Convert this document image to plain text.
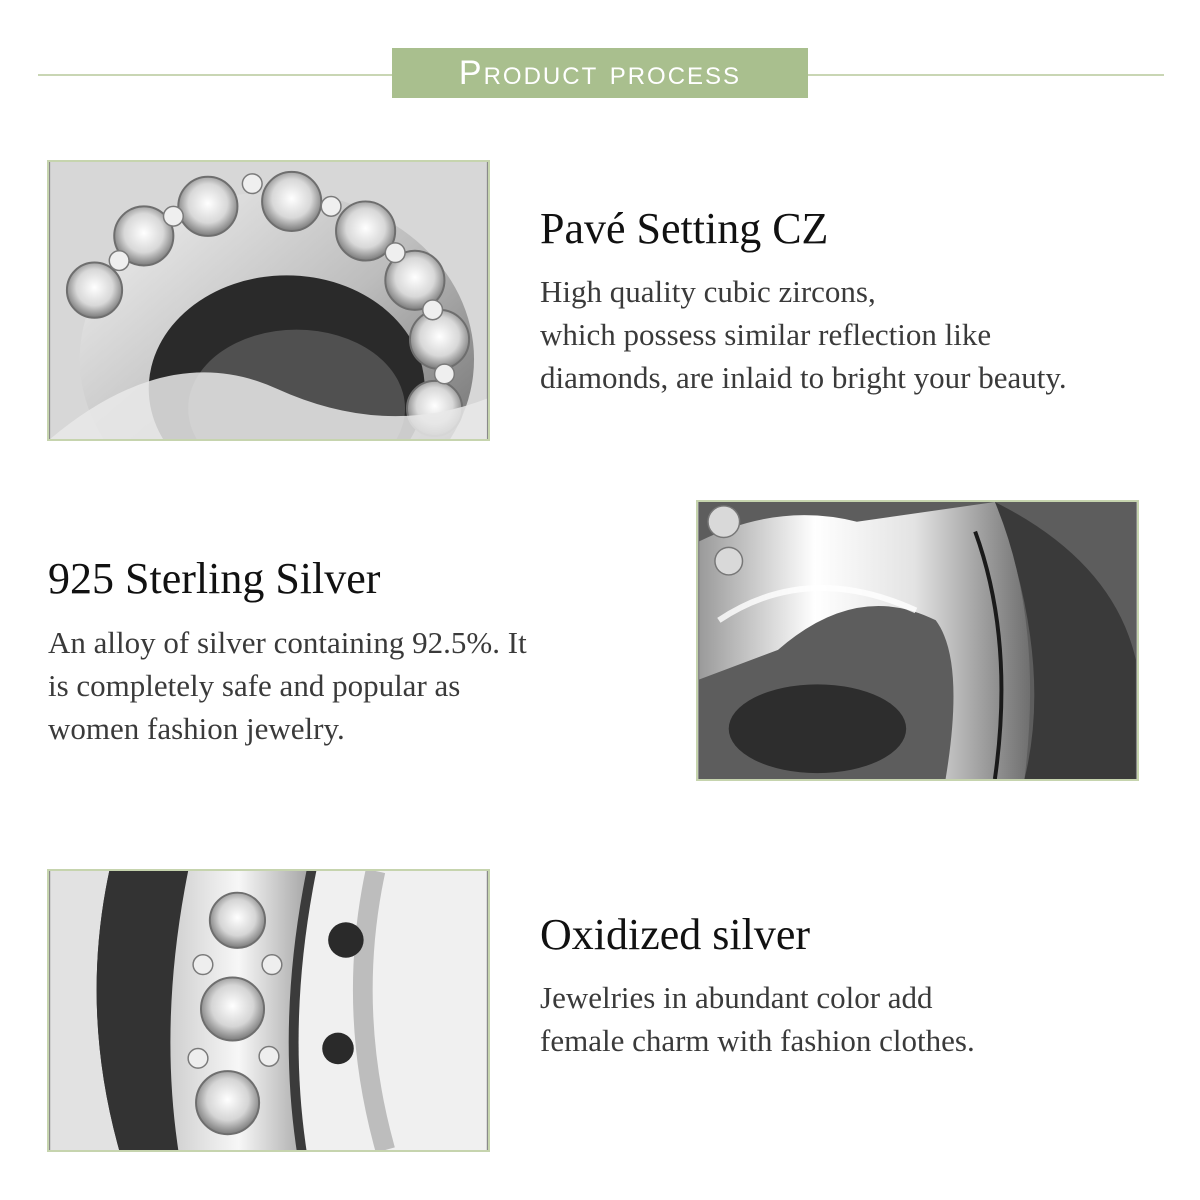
Product process
Pavé Setting CZ
High quality cubic zircons,
which possess similar reflection like
diamonds, are inlaid to bright your beauty.
925 Sterling Silver
An alloy of silver containing 92.5%. It
is completely safe and popular as
women fashion jewelry.
Oxidized silver
Jewelries in abundant color add
female charm with fashion clothes.
